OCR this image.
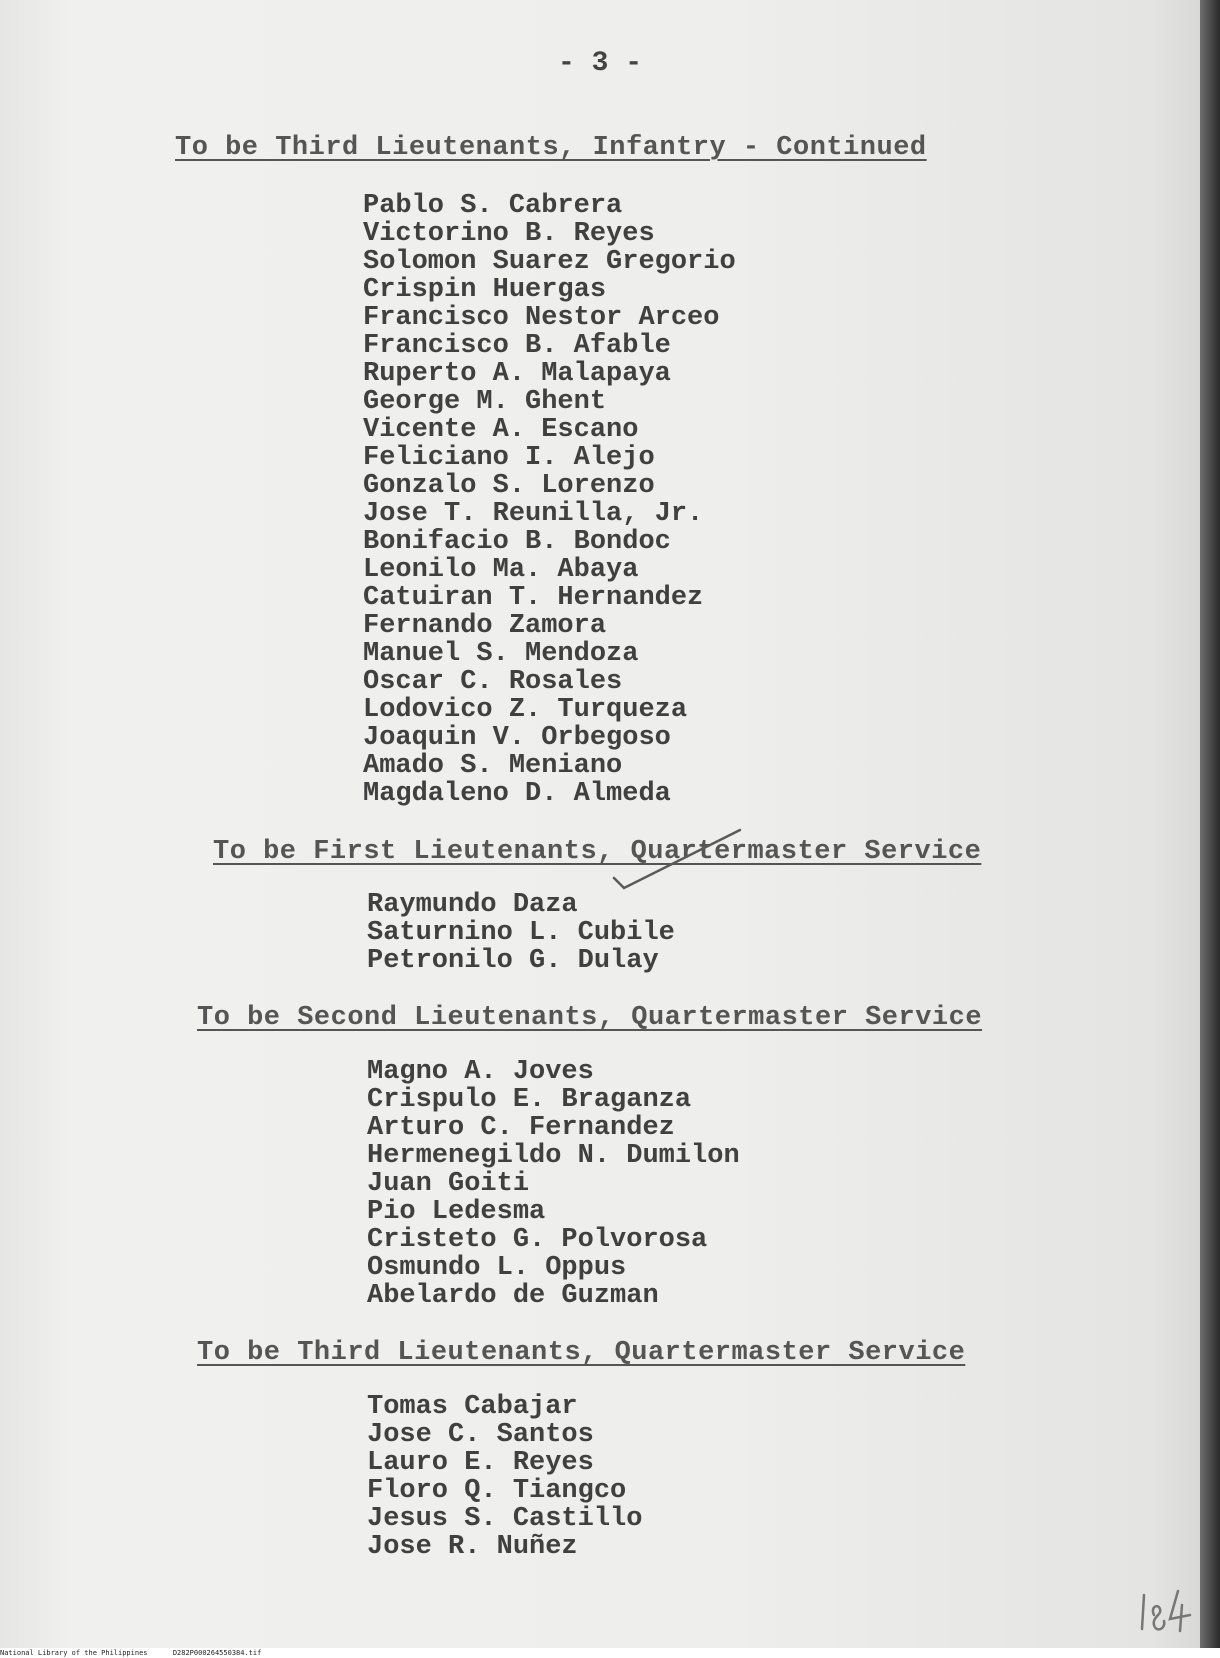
- 3 -
To be Third Lieutenants, Infantry - Continued
Pablo S. Cabrera
Victorino B. Reyes
Solomon Suarez Gregorio
Crispin Huergas
Francisco Nestor Arceo
Francisco B. Afable
Ruperto A. Malapaya
George M. Ghent
Vicente A. Escano
Feliciano I. Alejo
Gonzalo S. Lorenzo
Jose T. Reunilla, Jr.
Bonifacio B. Bondoc
Leonilo Ma. Abaya
Catuiran T. Hernandez
Fernando Zamora
Manuel S. Mendoza
Oscar C. Rosales
Lodovico Z. Turqueza
Joaquin V. Orbegoso
Amado S. Meniano
Magdaleno D. Almeda
To be First Lieutenants, Quartermaster Service
Raymundo Daza
Saturnino L. Cubile
Petronilo G. Dulay
To be Second Lieutenants, Quartermaster Service
Magno A. Joves
Crispulo E. Braganza
Arturo C. Fernandez
Hermenegildo N. Dumilon
Juan Goiti
Pio Ledesma
Cristeto G. Polvorosa
Osmundo L. Oppus
Abelardo de Guzman
To be Third Lieutenants, Quartermaster Service
Tomas Cabajar
Jose C. Santos
Lauro E. Reyes
Floro Q. Tiangco
Jesus S. Castillo
Jose R. Nuñez
National Library of the Philippines	D282P000264550384.tif
